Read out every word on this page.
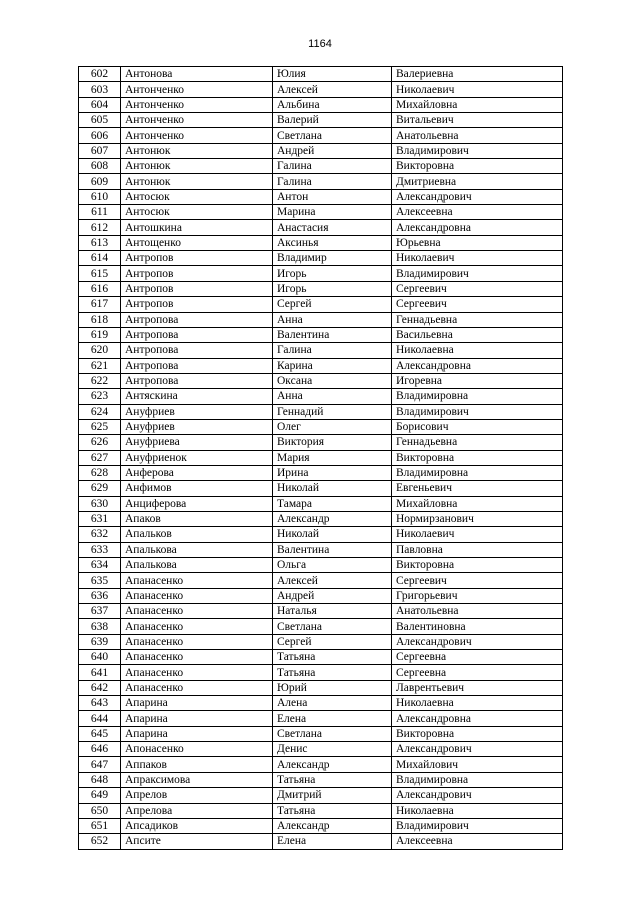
1164
602	Антонова	Юлия	Валериевна
603	Антонченко	Алексей	Николаевич
604	Антонченко	Альбина	Михайловна
605	Антонченко	Валерий	Витальевич
606	Антонченко	Светлана	Анатольевна
607	Антонюк	Андрей	Владимирович
608	Антонюк	Галина	Викторовна
609	Антонюк	Галина	Дмитриевна
610	Антосюк	Антон	Александрович
611	Антосюк	Марина	Алексеевна
612	Антошкина	Анастасия	Александровна
613	Антощенко	Аксинья	Юрьевна
614	Антропов	Владимир	Николаевич
615	Антропов	Игорь	Владимирович
616	Антропов	Игорь	Сергеевич
617	Антропов	Сергей	Сергеевич
618	Антропова	Анна	Геннадьевна
619	Антропова	Валентина	Васильевна
620	Антропова	Галина	Николаевна
621	Антропова	Карина	Александровна
622	Антропова	Оксана	Игоревна
623	Антяскина	Анна	Владимировна
624	Ануфриев	Геннадий	Владимирович
625	Ануфриев	Олег	Борисович
626	Ануфриева	Виктория	Геннадьевна
627	Ануфриенок	Мария	Викторовна
628	Анферова	Ирина	Владимировна
629	Анфимов	Николай	Евгеньевич
630	Анциферова	Тамара	Михайловна
631	Апаков	Александр	Нормирзанович
632	Апальков	Николай	Николаевич
633	Апалькова	Валентина	Павловна
634	Апалькова	Ольга	Викторовна
635	Апанасенко	Алексей	Сергеевич
636	Апанасенко	Андрей	Григорьевич
637	Апанасенко	Наталья	Анатольевна
638	Апанасенко	Светлана	Валентиновна
639	Апанасенко	Сергей	Александрович
640	Апанасенко	Татьяна	Сергеевна
641	Апанасенко	Татьяна	Сергеевна
642	Апанасенко	Юрий	Лаврентьевич
643	Апарина	Алена	Николаевна
644	Апарина	Елена	Александровна
645	Апарина	Светлана	Викторовна
646	Апонасенко	Денис	Александрович
647	Аппаков	Александр	Михайлович
648	Апраксимова	Татьяна	Владимировна
649	Апрелов	Дмитрий	Александрович
650	Апрелова	Татьяна	Николаевна
651	Апсадиков	Александр	Владимирович
652	Апсите	Елена	Алексеевна
